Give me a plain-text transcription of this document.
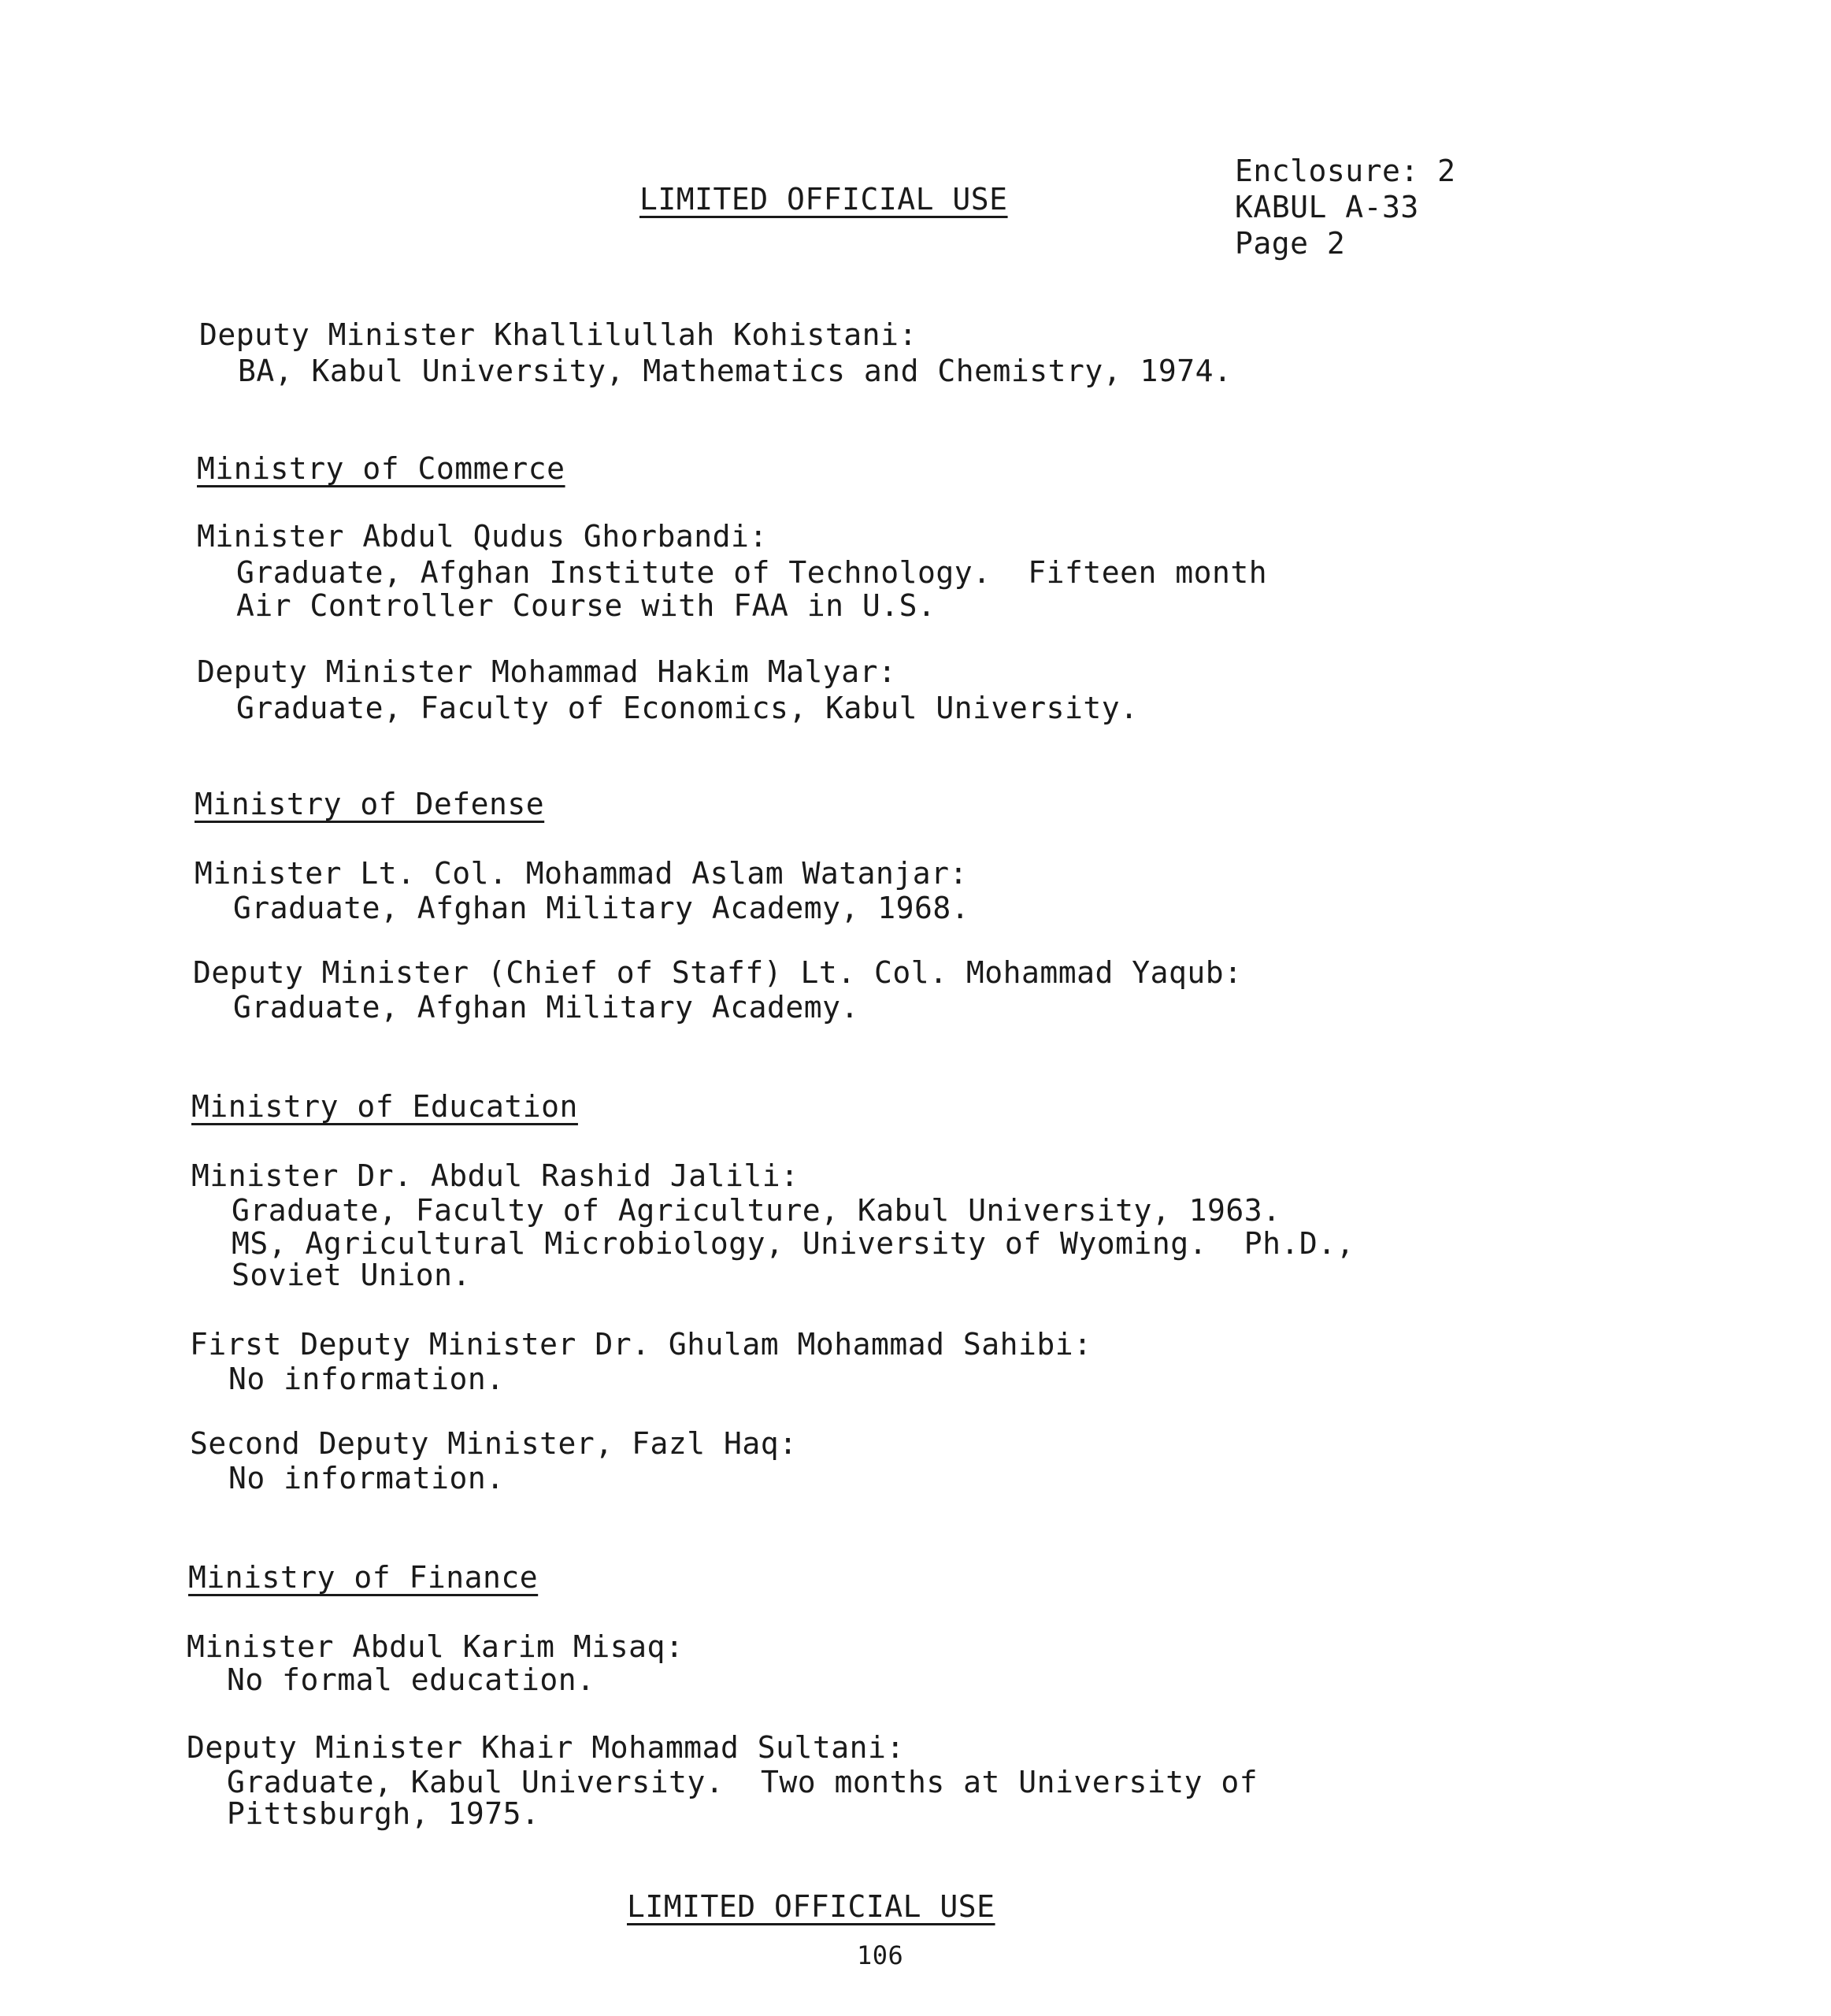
LIMITED OFFICIAL USE
Enclosure: 2
KABUL A-33
Page 2
Deputy Minister Khallilullah Kohistani:
BA, Kabul University, Mathematics and Chemistry, 1974.
Ministry of Commerce
Minister Abdul Qudus Ghorbandi:
Graduate, Afghan Institute of Technology.  Fifteen month
Air Controller Course with FAA in U.S.
Deputy Minister Mohammad Hakim Malyar:
Graduate, Faculty of Economics, Kabul University.
Ministry of Defense
Minister Lt. Col. Mohammad Aslam Watanjar:
Graduate, Afghan Military Academy, 1968.
Deputy Minister (Chief of Staff) Lt. Col. Mohammad Yaqub:
Graduate, Afghan Military Academy.
Ministry of Education
Minister Dr. Abdul Rashid Jalili:
Graduate, Faculty of Agriculture, Kabul University, 1963.
MS, Agricultural Microbiology, University of Wyoming.  Ph.D.,
Soviet Union.
First Deputy Minister Dr. Ghulam Mohammad Sahibi:
No information.
Second Deputy Minister, Fazl Haq:
No information.
Ministry of Finance
Minister Abdul Karim Misaq:
No formal education.
Deputy Minister Khair Mohammad Sultani:
Graduate, Kabul University.  Two months at University of
Pittsburgh, 1975.
LIMITED OFFICIAL USE
106
